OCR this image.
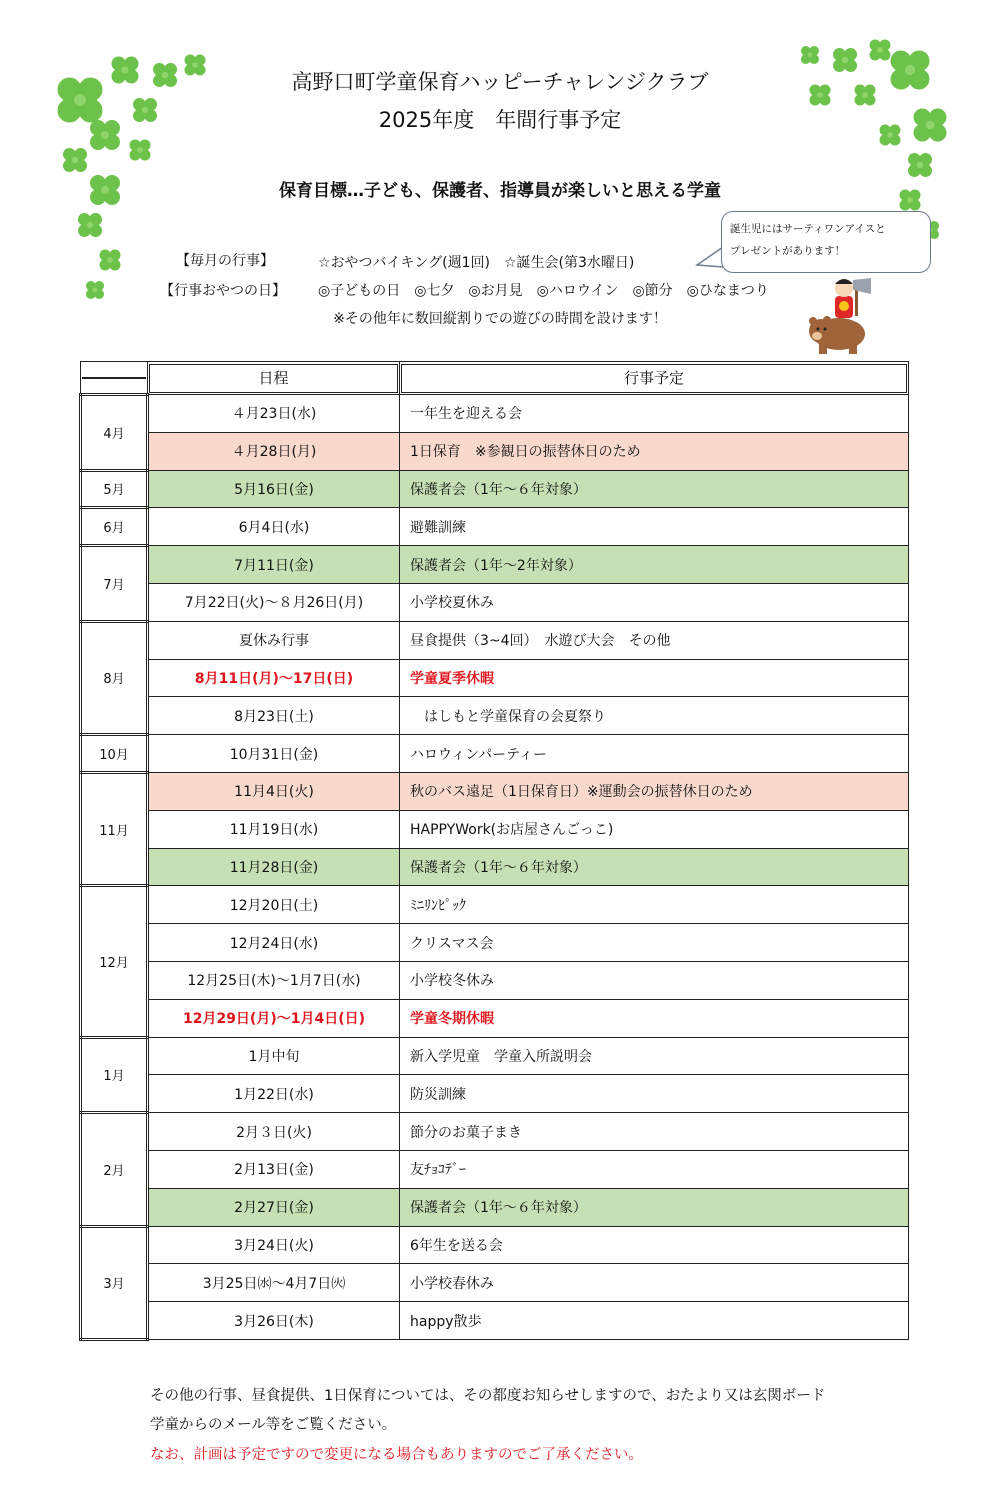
高野口町学童保育ハッピーチャレンジクラブ
2025年度　年間行事予定
保育目標…子ども、保護者、指導員が楽しいと思える学童
【毎月の行事】	☆おやつバイキング(週1回)　☆誕生会(第3水曜日)
【行事おやつの日】 ◎子どもの日　◎七夕　◎お月見　◎ハロウイン　◎節分　◎ひなまつり
※その他年に数回縦割りでの遊びの時間を設けます！
誕生児にはサーティワンアイスと
プレゼントがあります！

	日程	行事予定

4月	４月23日(水)	一年生を迎える会
	４月28日(月)	1日保育　※参観日の振替休日のため
5月	5月16日(金)	保護者会（1年～６年対象）
6月	6月4日(水)	避難訓練
7月	7月11日(金)	保護者会（1年～2年対象）
	7月22日(火)～８月26日(月)	小学校夏休み
8月	夏休み行事	昼食提供（3~4回）　水遊び大会　その他
	8月11日(月)～17日(日)	学童夏季休暇
	8月23日(土)	　はしもと学童保育の会夏祭り
10月	10月31日(金)	ハロウィンパーティー
11月	11月4日(火)	秋のバス遠足（1日保育日）※運動会の振替休日のため
	11月19日(水)	HAPPYWork(お店屋さんごっこ)
	11月28日(金)	保護者会（1年～６年対象）
12月	12月20日(土)	ﾐﾆﾘﾝﾋﾟｯｸ
	12月24日(水)	クリスマス会
	12月25日(木)～1月7日(水)	小学校冬休み
	12月29日(月)～1月4日(日)	学童冬期休暇
1月	1月中旬	新入学児童　学童入所説明会
	1月22日(水)	防災訓練
2月	2月３日(火)	節分のお菓子まき
	2月13日(金)	友ﾁｮｺﾃﾞｰ
	2月27日(金)	保護者会（1年～６年対象）
3月	3月24日(火)	6年生を送る会
	3月25日㈬～4月7日㈫	小学校春休み
	3月26日(木)	happy散歩
その他の行事、昼食提供、1日保育については、その都度お知らせしますので、おたより又は玄関ボード
学童からのメール等をご覧ください。
なお、計画は予定ですので変更になる場合もありますのでご了承ください。
